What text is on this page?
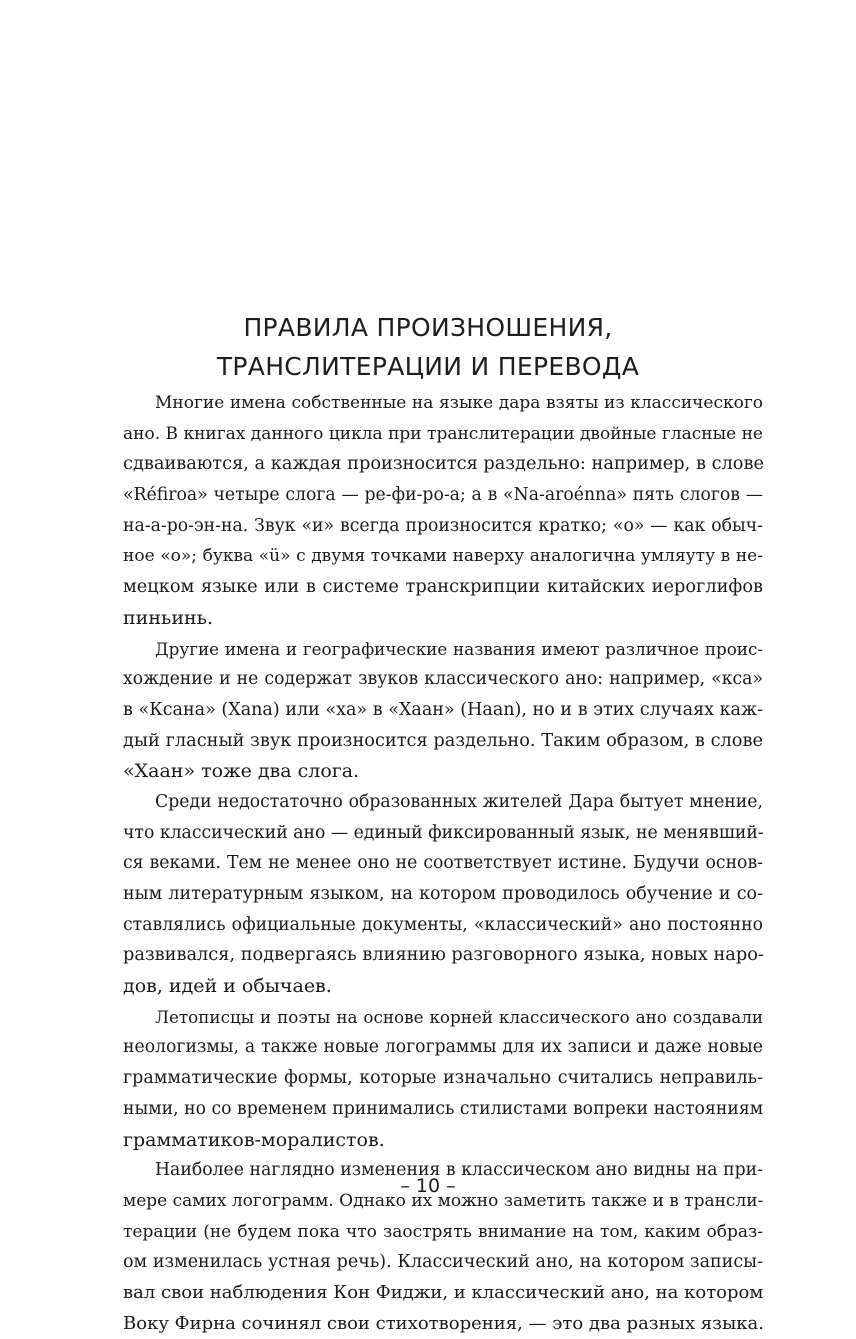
ПРАВИЛА ПРОИЗНОШЕНИЯ,
ТРАНСЛИТЕРАЦИИ И ПЕРЕВОДА
Многие имена собственные на языке дара взяты из классического
ано. В книгах данного цикла при транслитерации двойные гласные не
сдваиваются, а каждая произносится раздельно: например, в слове
«Réfiroa» четыре слога — ре-фи-ро-а; а в «Na-aroénna» пять слогов —
на-а-ро-эн-на. Звук «и» всегда произносится кратко; «о» — как обыч-
ное «о»; буква «ü» с двумя точками наверху аналогична умляуту в не-
мецком языке или в системе транскрипции китайских иероглифов
пиньинь.
Другие имена и географические названия имеют различное проис-
хождение и не содержат звуков классического ано: например, «кса»
в «Ксана» (Xana) или «ха» в «Хаан» (Haan), но и в этих случаях каж-
дый гласный звук произносится раздельно. Таким образом, в слове
«Хаан» тоже два слога.
Среди недостаточно образованных жителей Дара бытует мнение,
что классический ано — единый фиксированный язык, не менявший-
ся веками. Тем не менее оно не соответствует истине. Будучи основ-
ным литературным языком, на котором проводилось обучение и со-
ставлялись официальные документы, «классический» ано постоянно
развивался, подвергаясь влиянию разговорного языка, новых наро-
дов, идей и обычаев.
Летописцы и поэты на основе корней классического ано создавали
неологизмы, а также новые логограммы для их записи и даже новые
грамматические формы, которые изначально считались неправиль-
ными, но со временем принимались стилистами вопреки настояниям
грамматиков-моралистов.
Наиболее наглядно изменения в классическом ано видны на при-
мере самих логограмм. Однако их можно заметить также и в трансли-
терации (не будем пока что заострять внимание на том, каким образ-
ом изменилась устная речь). Классический ано, на котором записы-
вал свои наблюдения Кон Фиджи, и классический ано, на котором
Воку Фирна сочинял свои стихотворения, — это два разных языка.
– 10 –
